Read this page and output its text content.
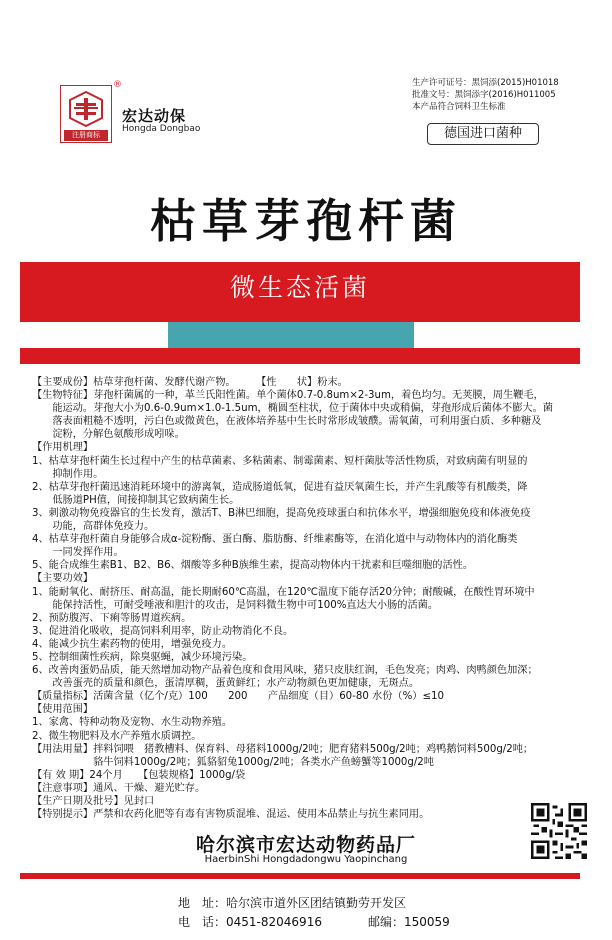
注册商标
®
宏达动保
Hongda Dongbao
生产许可证号：黑饲添(2015)H01018
批准文号：黑饲添字(2016)H011005
本产品符合饲料卫生标准
德国进口菌种
枯草芽孢杆菌
微生态活菌
【主要成份】枯草芽孢杆菌、发酵代谢产物。　　　【性　　状】粉末。
【生物特征】芽孢杆菌属的一种，革兰氏阳性菌。单个菌体0.7-0.8um×2-3um，着色均匀。无荚膜，周生鞭毛，
　　能运动。芽孢大小为0.6-0.9um×1.0-1.5um，椭圆至柱状，位于菌体中央或稍偏，芽孢形成后菌体不膨大。菌
　　落表面粗糙不透明，污白色或微黄色，在液体培养基中生长时常形成皱醭。需氧菌，可利用蛋白质、多种糖及
　　淀粉，分解色氨酸形成吲哚。
【作用机理】
1、枯草芽孢杆菌生长过程中产生的枯草菌素、多粘菌素、制霉菌素、短杆菌肽等活性物质，对致病菌有明显的
　　抑制作用。
2、枯草芽孢杆菌迅速消耗环境中的游离氧，造成肠道低氧，促进有益厌氧菌生长，并产生乳酸等有机酸类，降
　　低肠道PH值，间接抑制其它致病菌生长。
3、刺激动物免疫器官的生长发育，激活T、B淋巴细胞，提高免疫球蛋白和抗体水平，增强细胞免疫和体液免疫
　　功能，高群体免疫力。
4、枯草芽孢杆菌自身能够合成α-淀粉酶、蛋白酶、脂肪酶、纤维素酶等，在消化道中与动物体内的消化酶类
　　一同发挥作用。
5、能合成维生素B1、B2、B6、烟酸等多种B族维生素，提高动物体内干扰素和巨噬细胞的活性。
【主要功效】
1、能耐氧化、耐挤压、耐高温，能长期耐60℃高温，在120℃温度下能存活20分钟；耐酸碱，在酸性胃环境中
　　能保持活性，可耐受唾液和胆汁的攻击，是饲料微生物中可100%直达大小肠的活菌。
2、预防腹泻、下痢等肠胃道疾病。
3、促进消化吸收，提高饲料利用率，防止动物消化不良。
4、能减少抗生素药物的使用，增强免疫力。
5、控制细菌性疾病，除臭驱蝇，减少环境污染。
6、改善肉蛋奶品质，能天然增加动物产品着色度和食用风味，猪只皮肤红润，毛色发亮；肉鸡、肉鸭颜色加深；
　　改善蛋壳的质量和颜色，蛋清厚稠，蛋黄鲜红；水产动物颜色更加健康，无斑点。
【质量指标】活菌含量（亿个/克）100　　200　　产品细度（目）60-80 水份（%）≤10
【使用范围】
1、家禽、特种动物及宠物、水生动物养殖。
2、微生物肥料及水产养殖水质调控。
【用法用量】拌料饲喂　猪教槽料、保育料、母猪料1000g/2吨；肥育猪料500g/2吨；鸡鸭鹅饲料500g/2吨；
　　　　　　貉牛饲料1000g/2吨；狐貉貂兔1000g/2吨；各类水产鱼螃蟹等1000g/2吨
【有 效 期】24个月　　【包装规格】1000g/袋
【注意事项】通风、干燥、避光贮存。
【生产日期及批号】见封口
【特别提示】严禁和农药化肥等有毒有害物质混堆、混运、使用本品禁止与抗生素同用。
哈尔滨市宏达动物药品厂
HaerbinShi Hongdadongwu Yaopinchang
地　址：哈尔滨市道外区团结镇勤劳开发区
电　话：0451-82046916	邮编：150059
